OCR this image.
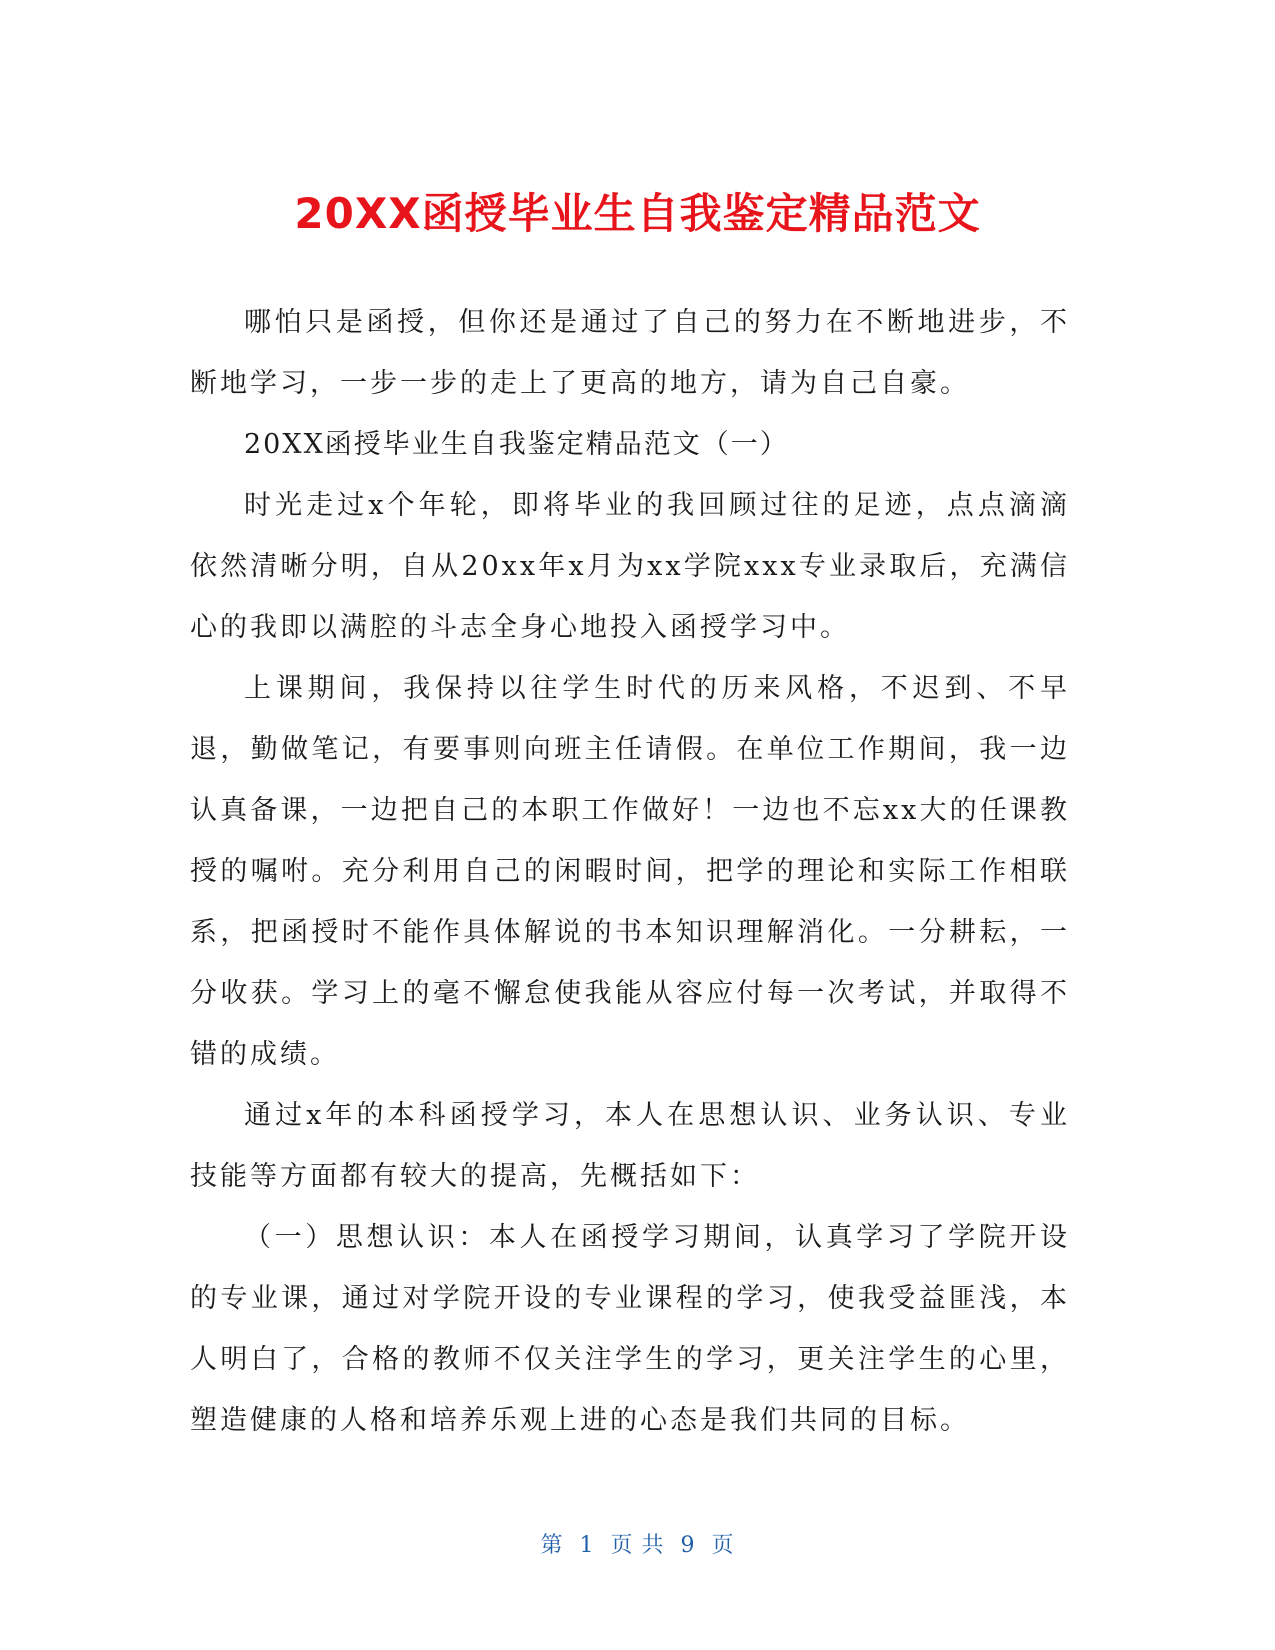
20XX函授毕业生自我鉴定精品范文

哪怕只是函授，但你还是通过了自己的努力在不断地进步，不断地学习，一步一步的走上了更高的地方，请为自己自豪。

20XX函授毕业生自我鉴定精品范文（一）

时光走过x个年轮，即将毕业的我回顾过往的足迹，点点滴滴依然清晰分明，自从20xx年x月为xx学院xxx专业录取后，充满信心的我即以满腔的斗志全身心地投入函授学习中。

上课期间，我保持以往学生时代的历来风格，不迟到、不早退，勤做笔记，有要事则向班主任请假。在单位工作期间，我一边认真备课，一边把自己的本职工作做好！一边也不忘xx大的任课教授的嘱咐。充分利用自己的闲暇时间，把学的理论和实际工作相联系，把函授时不能作具体解说的书本知识理解消化。一分耕耘，一分收获。学习上的毫不懈怠使我能从容应付每一次考试，并取得不错的成绩。

通过x年的本科函授学习，本人在思想认识、业务认识、专业技能等方面都有较大的提高，先概括如下：

（一）思想认识：本人在函授学习期间，认真学习了学院开设的专业课，通过对学院开设的专业课程的学习，使我受益匪浅，本人明白了，合格的教师不仅关注学生的学习，更关注学生的心里，塑造健康的人格和培养乐观上进的心态是我们共同的目标。

第 1 页 共 9 页
